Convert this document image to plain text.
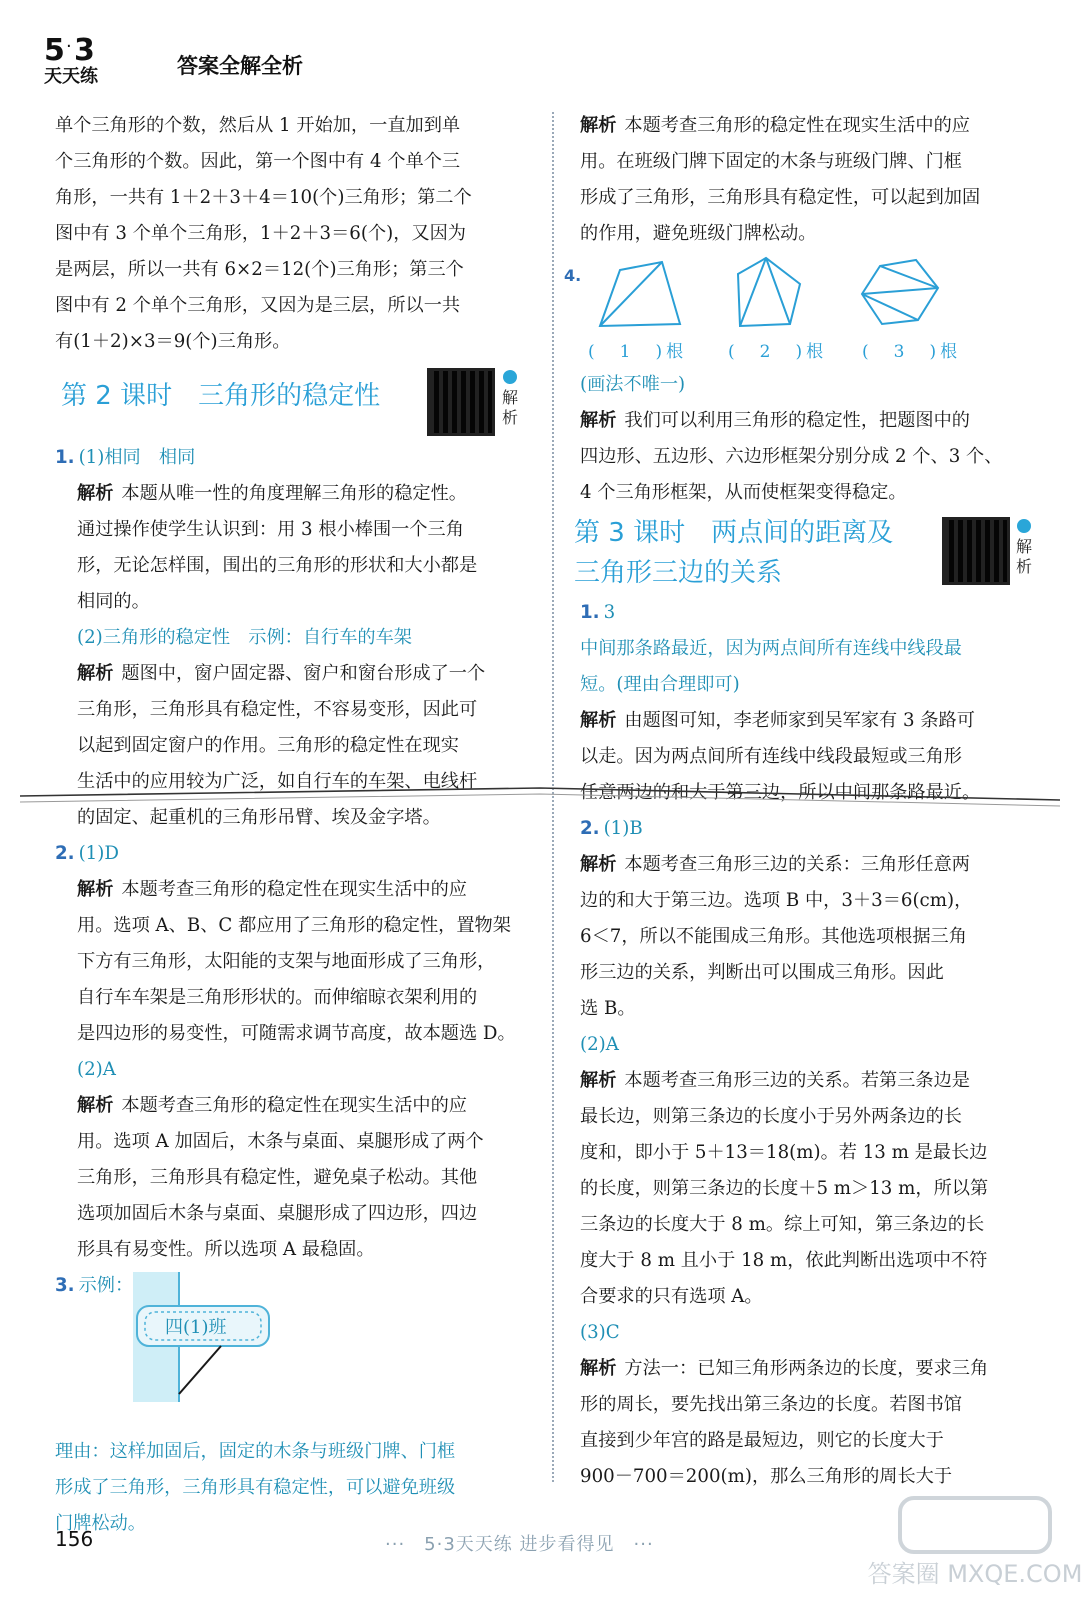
5 · 3
天天练	答案全解全析

单个三角形的个数，然后从 1 开始加，一直加到单

个三角形的个数。因此，第一个图中有 4 个单个三

角形，一共有 1＋2＋3＋4＝10(个)三角形；第二个

图中有 3 个单个三角形，1＋2＋3＝6(个)，又因为

是两层，所以一共有 6×2＝12(个)三角形；第三个

图中有 2 个单个三角形，又因为是三层，所以一共

有(1＋2)×3＝9(个)三角形。

第 2 课时 三角形的稳定性	解析

1. (1)相同　相同

解析 本题从唯一性的角度理解三角形的稳定性。

通过操作使学生认识到：用 3 根小棒围一个三角

形，无论怎样围，围出的三角形的形状和大小都是

相同的。

(2)三角形的稳定性　示例：自行车的车架

解析 题图中，窗户固定器、窗户和窗台形成了一个

三角形，三角形具有稳定性，不容易变形，因此可

以起到固定窗户的作用。三角形的稳定性在现实

生活中的应用较为广泛，如自行车的车架、电线杆

的固定、起重机的三角形吊臂、埃及金字塔。

2. (1)D

解析 本题考查三角形的稳定性在现实生活中的应

用。选项 A、B、C 都应用了三角形的稳定性，置物架

下方有三角形，太阳能的支架与地面形成了三角形，

自行车车架是三角形形状的。而伸缩晾衣架利用的

是四边形的易变性，可随需求调节高度，故本题选 D。

(2)A

解析 本题考查三角形的稳定性在现实生活中的应

用。选项 A 加固后，木条与桌面、桌腿形成了两个

三角形，三角形具有稳定性，避免桌子松动。其他

选项加固后木条与桌面、桌腿形成了四边形，四边

形具有易变性。所以选项 A 最稳固。

3. 示例：

四(1)班

理由：这样加固后，固定的木条与班级门牌、门框

形成了三角形，三角形具有稳定性，可以避免班级

门牌松动。

解析 本题考查三角形的稳定性在现实生活中的应

用。在班级门牌下固定的木条与班级门牌、门框

形成了三角形，三角形具有稳定性，可以起到加固

的作用，避免班级门牌松动。

4.
(　1　)根 (　2　)根 (　3　)根

(画法不唯一)

解析 我们可以利用三角形的稳定性，把题图中的

四边形、五边形、六边形框架分别分成 2 个、3 个、

4 个三角形框架，从而使框架变得稳定。

第 3 课时 两点间的距离及
三角形三边的关系
解析

1. 3

中间那条路最近，因为两点间所有连线中线段最

短。(理由合理即可)

解析 由题图可知，李老师家到吴军家有 3 条路可

以走。因为两点间所有连线中线段最短或三角形

任意两边的和大于第三边，所以中间那条路最近。

2. (1)B

解析 本题考查三角形三边的关系：三角形任意两

边的和大于第三边。选项 B 中，3＋3＝6(cm)，

6＜7，所以不能围成三角形。其他选项根据三角

形三边的关系，判断出可以围成三角形。因此

选 B。

(2)A

解析 本题考查三角形三边的关系。若第三条边是

最长边，则第三条边的长度小于另外两条边的长

度和，即小于 5＋13＝18(m)。若 13 m 是最长边

的长度，则第三条边的长度＋5 m＞13 m，所以第

三条边的长度大于 8 m。综上可知，第三条边的长

度大于 8 m 且小于 18 m，依此判断出选项中不符

合要求的只有选项 A。

(3)C

解析 方法一：已知三角形两条边的长度，要求三角

形的周长，要先找出第三条边的长度。若图书馆

直接到少年宫的路是最短边，则它的长度大于

900－700＝200(m)，那么三角形的周长大于

156	···　5·3天天练 进步看得见　···
答案圈 MXQE.COM
